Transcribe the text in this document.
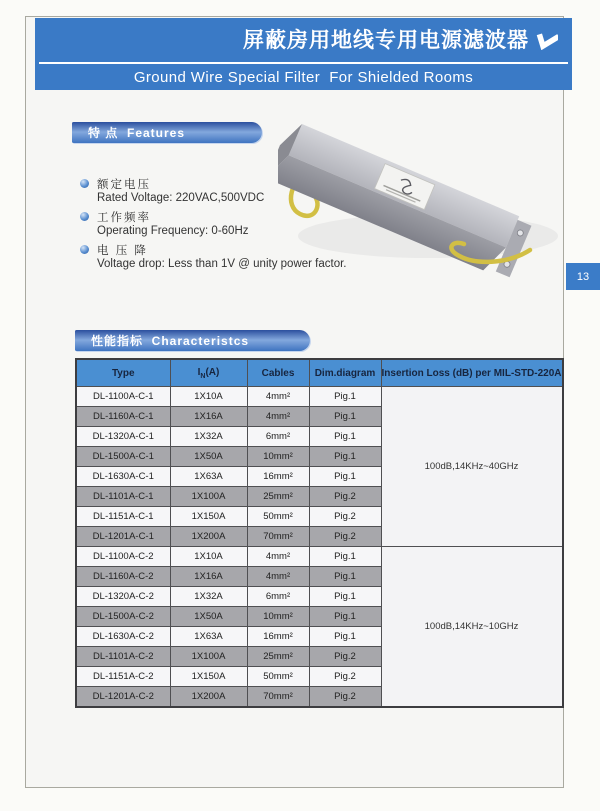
屏蔽房用地线专用电源滤波器
Ground Wire Special Filter  For Shielded Rooms
特 点  Features
额定电压
Rated Voltage: 220VAC,500VDC
工作频率
Operating Frequency: 0-60Hz
电 压 降
Voltage drop: Less than 1V @ unity power factor.
13
性能指标  Characteristcs
Type	$I_N(A)$	Cables	Dim.diagram	Insertion Loss (dB) per MIL-STD-220A
DL-1100A-C-1	1X10A	4mm²	Pig.1	100dB,14KHz~40GHz
DL-1160A-C-1	1X16A	4mm²	Pig.1	
DL-1320A-C-1	1X32A	6mm²	Pig.1	
DL-1500A-C-1	1X50A	10mm²	Pig.1	
DL-1630A-C-1	1X63A	16mm²	Pig.1	
DL-1101A-C-1	1X100A	25mm²	Pig.2	
DL-1151A-C-1	1X150A	50mm²	Pig.2	
DL-1201A-C-1	1X200A	70mm²	Pig.2	
DL-1100A-C-2	1X10A	4mm²	Pig.1	100dB,14KHz~10GHz
DL-1160A-C-2	1X16A	4mm²	Pig.1	
DL-1320A-C-2	1X32A	6mm²	Pig.1	
DL-1500A-C-2	1X50A	10mm²	Pig.1	
DL-1630A-C-2	1X63A	16mm²	Pig.1	
DL-1101A-C-2	1X100A	25mm²	Pig.2	
DL-1151A-C-2	1X150A	50mm²	Pig.2	
DL-1201A-C-2	1X200A	70mm²	Pig.2	
